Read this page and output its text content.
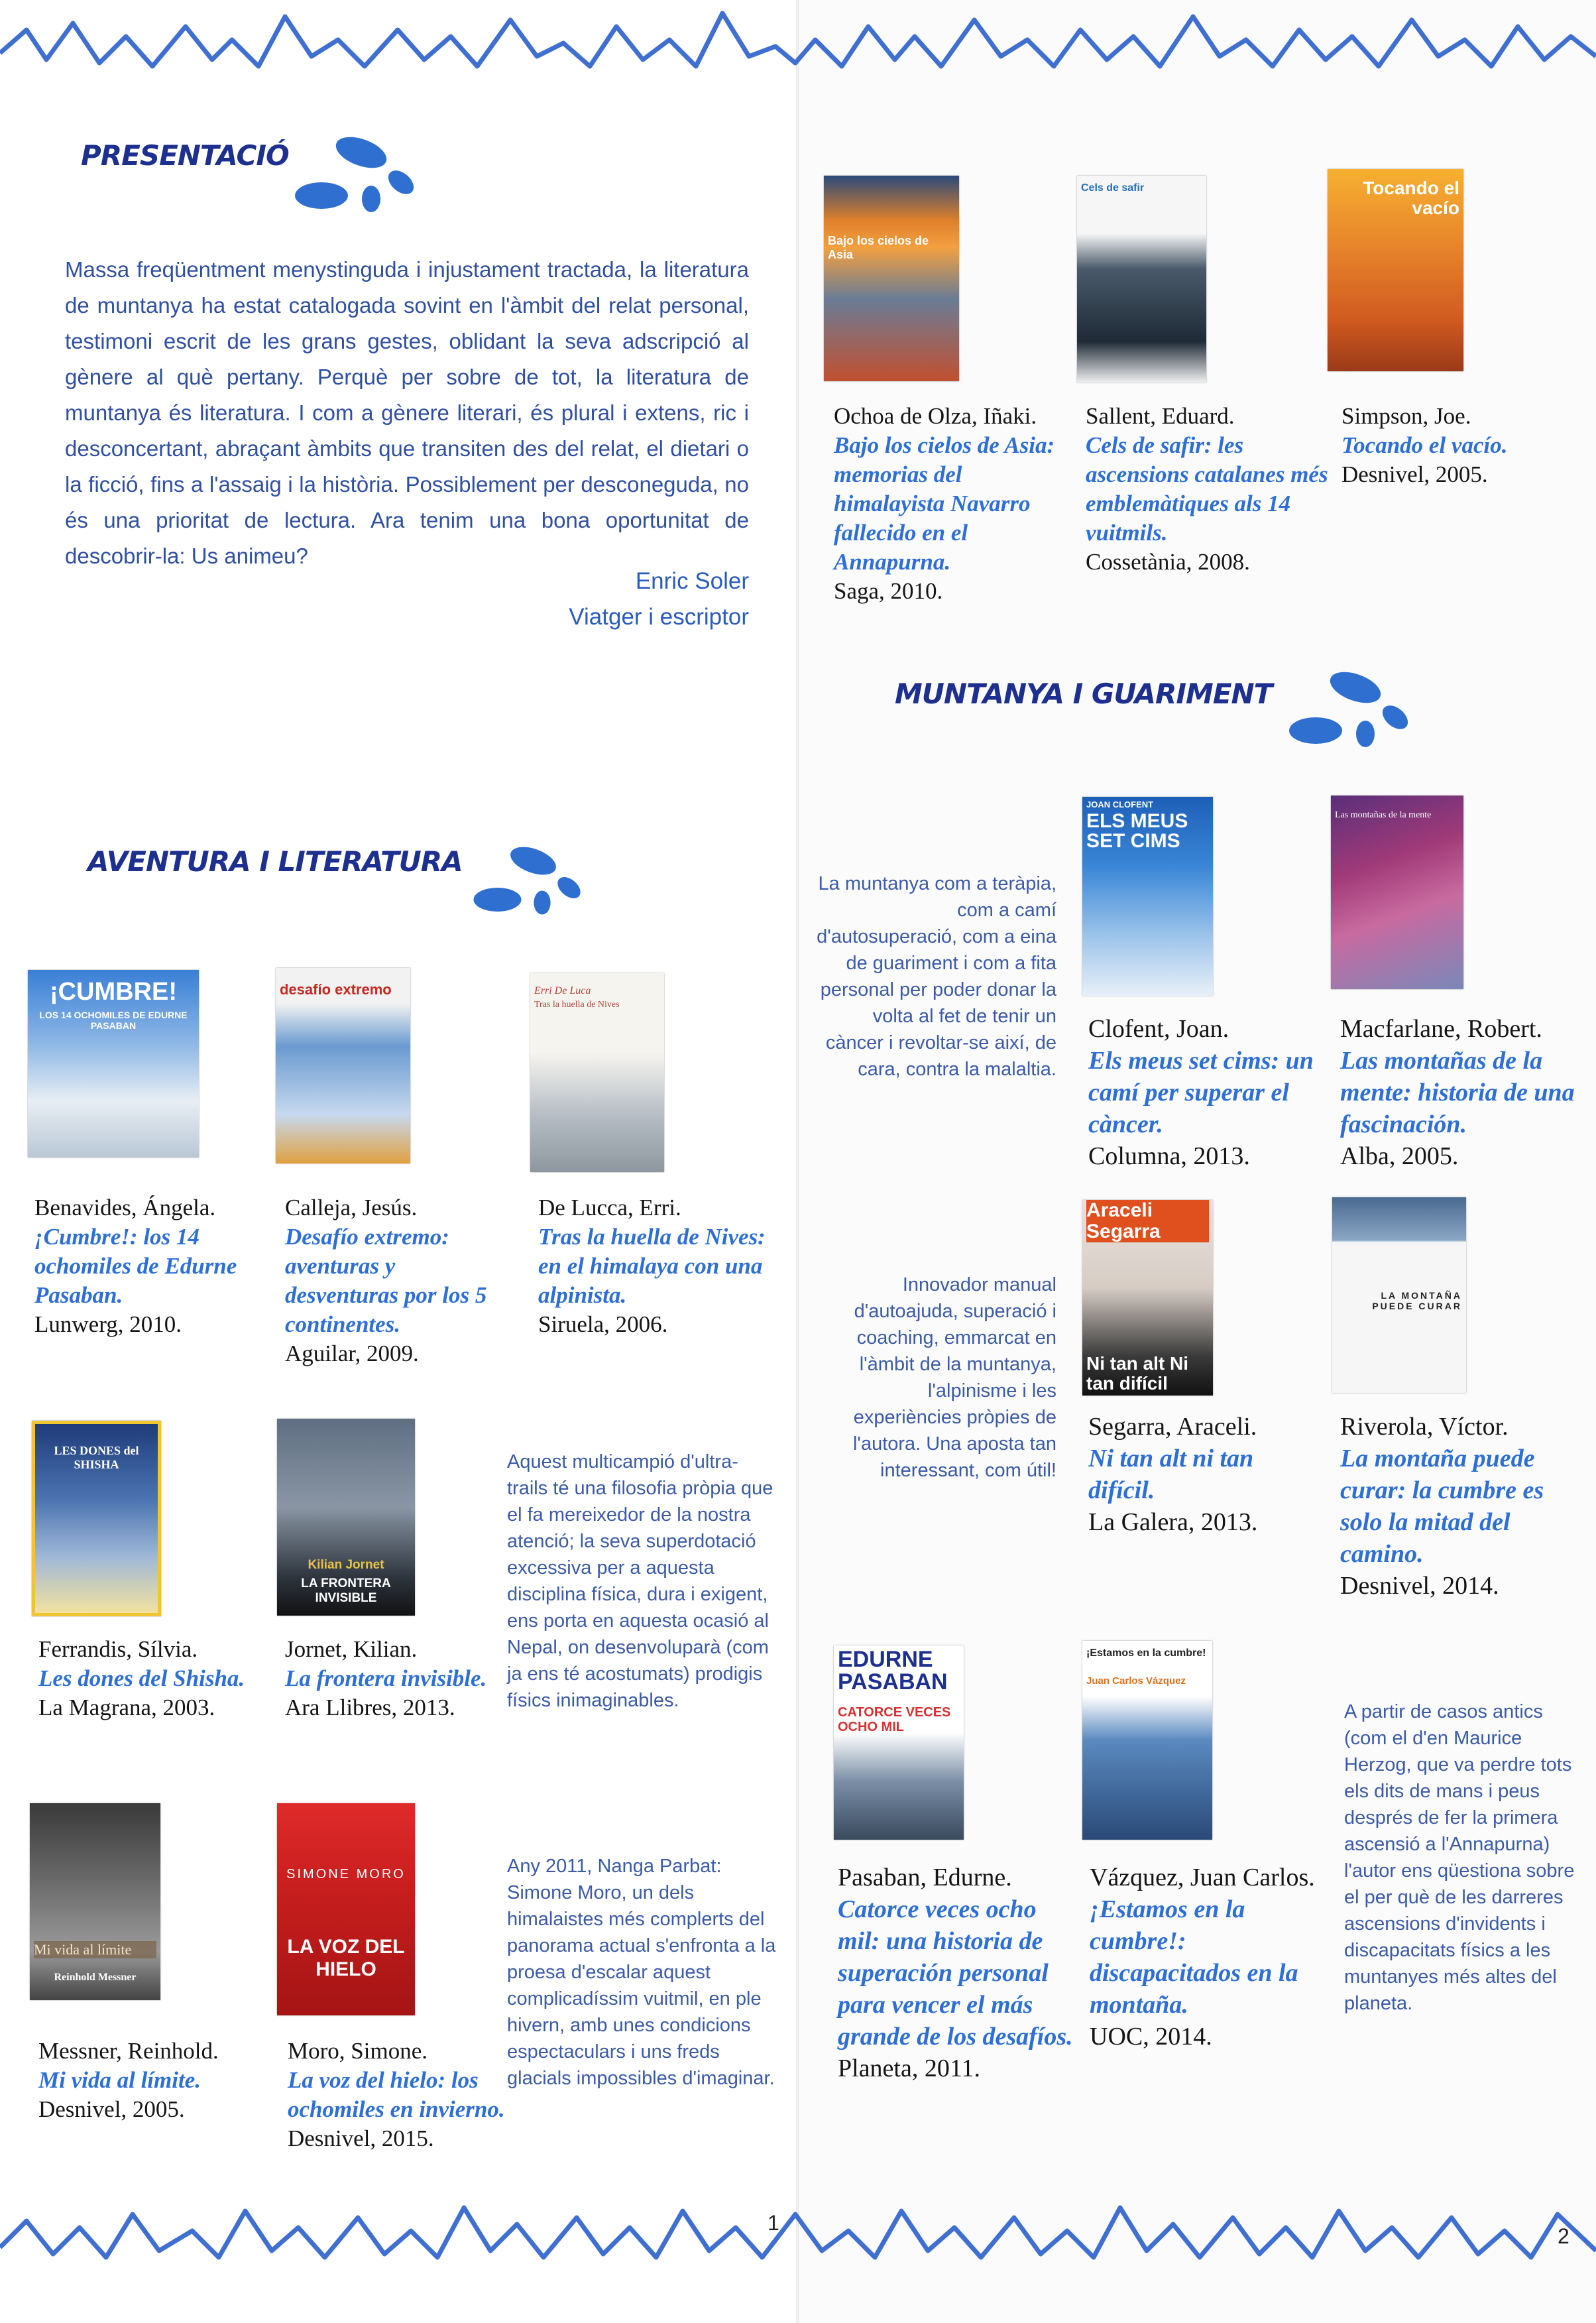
PRESENTACIÓ
Massa freqüentment menystinguda i injustament tractada, la literatura de muntanya ha estat catalogada sovint en l'àmbit del relat personal, testimoni escrit de les grans gestes, oblidant la seva adscripció al gènere al què pertany. Perquè per sobre de tot, la literatura de muntanya és literatura. I com a gènere literari, és plural i extens, ric i desconcertant, abraçant àmbits que transiten des del relat, el dietari o la ficció, fins a l'assaig i la història. Possiblement per desconeguda, no és una prioritat de lectura. Ara tenim una bona oportunitat de descobrir-la: Us animeu?
Enric Soler
Viatger i escriptor
AVENTURA I LITERATURA
¡CUMBRE!
LOS 14 OCHOMILES DE EDURNE PASABAN
desafío extremo	Erri De Luca
Tras la huella de Nives
Benavides, Ángela.
¡Cumbre!: los 14 ochomiles de Edurne Pasaban.
Lunwerg, 2010.
Calleja, Jesús.
Desafío extremo: aventuras y desventuras por los 5 continentes.
Aguilar, 2009.
De Lucca, Erri.
Tras la huella de Nives: en el himalaya con una alpinista.
Siruela, 2006.
LES DONES del SHISHA
Kilian Jornet
LA FRONTERA INVISIBLE
Aquest multicampió d'ultra-trails té una filosofia pròpia que el fa mereixedor de la nostra atenció; la seva superdotació excessiva per a aquesta disciplina física, dura i exigent, ens porta en aquesta ocasió al Nepal, on desenvoluparà (com ja ens té acostumats) prodigis físics inimaginables.
Ferrandis, Sílvia.
Les dones del Shisha.
La Magrana, 2003.
Jornet, Kilian.
La frontera invisible.
Ara Llibres, 2013.
Mi vida al límite
Reinhold Messner
SIMONE MORO
LA VOZ DEL HIELO
Any 2011, Nanga Parbat: Simone Moro, un dels himalaistes més complerts del panorama actual s'enfronta a la proesa d'escalar aquest complicadíssim vuitmil, en ple hivern, amb unes condicions espectaculars i uns freds glacials impossibles d'imaginar.
Messner, Reinhold.
Mi vida al límite.
Desnivel, 2005.
Moro, Simone.
La voz del hielo: los ochomiles en invierno.
Desnivel, 2015.
1
Bajo los cielos de Asia
Cels de safir	Tocando el vacío
Ochoa de Olza, Iñaki.
Bajo los cielos de Asia: memorias del himalayista Navarro fallecido en el Annapurna.
Saga, 2010.
Sallent, Eduard.
Cels de safir: les ascensions catalanes més emblemàtiques als 14 vuitmils.
Cossetània, 2008.
Simpson, Joe.
Tocando el vacío.
Desnivel, 2005.
MUNTANYA I GUARIMENT
La muntanya com a teràpia, com a camí d'autosuperació, com a eina de guariment i com a fita personal per poder donar la volta al fet de tenir un càncer i revoltar-se així, de cara, contra la malaltia.
JOAN CLOFENT
ELS MEUS SET CIMS
Las montañas de la mente
Clofent, Joan.
Els meus set cims: un camí per superar el càncer.
Columna, 2013.
Macfarlane, Robert.
Las montañas de la mente: historia de una fascinación.
Alba, 2005.
Innovador manual d'autoajuda, superació i coaching, emmarcat en l'àmbit de la muntanya, l'alpinisme i les experiències pròpies de l'autora. Una aposta tan interessant, com útil!
Araceli Segarra
Ni tan alt Ni tan difícil
LA MONTAÑA PUEDE CURAR
Segarra, Araceli.
Ni tan alt ni tan difícil.
La Galera, 2013.
Riverola, Víctor.
La montaña puede curar: la cumbre es solo la mitad del camino.
Desnivel, 2014.
EDURNE PASABAN
CATORCE VECES OCHO MIL
¡Estamos en la cumbre!
Juan Carlos Vázquez
A partir de casos antics (com el d'en Maurice Herzog, que va perdre tots els dits de mans i peus després de fer la primera ascensió a l'Annapurna) l'autor ens qüestiona sobre el per què de les darreres ascensions d'invidents i discapacitats físics a les muntanyes més altes del planeta.
Pasaban, Edurne.
Catorce veces ocho mil: una historia de superación personal para vencer el más grande de los desafíos.
Planeta, 2011.
Vázquez, Juan Carlos.
¡Estamos en la cumbre!: discapacitados en la montaña.
UOC, 2014.
2
